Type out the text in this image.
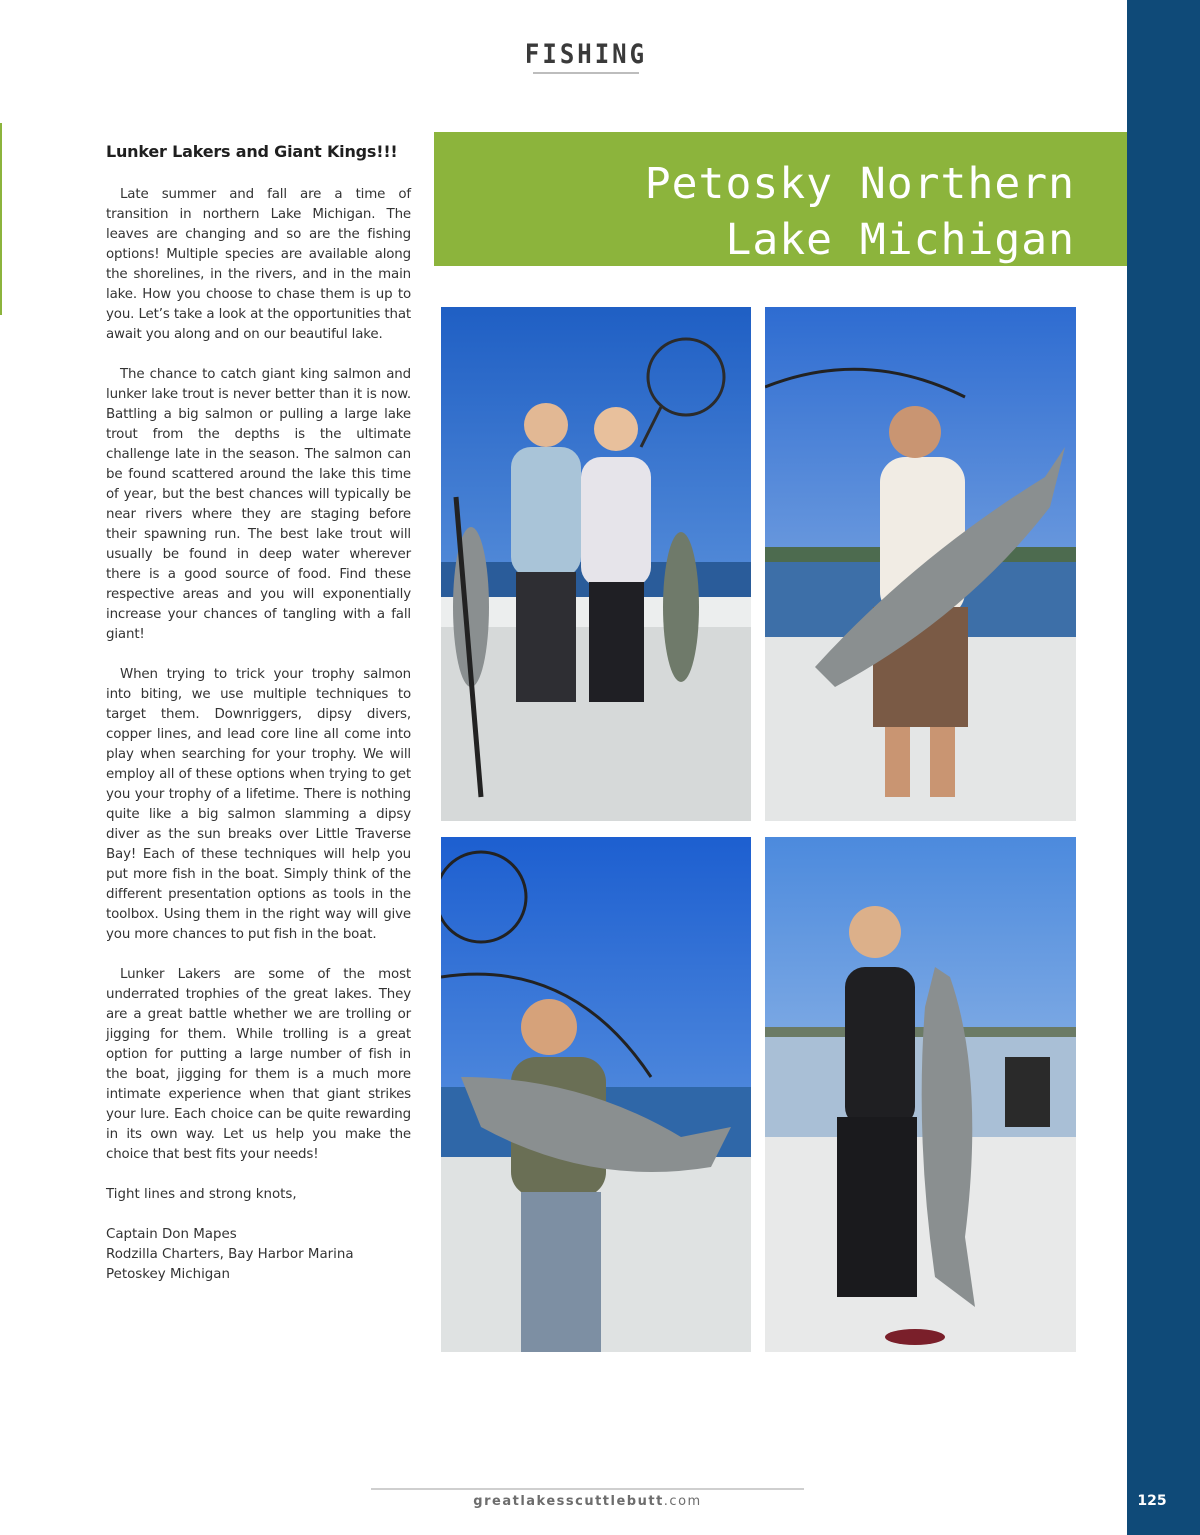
FISHING
Petosky Northern
Lake Michigan
Lunker Lakers and Giant Kings!!!

Late summer and fall are a time of transition in northern Lake Michigan. The leaves are changing and so are the fishing options! Multiple species are available along the shorelines, in the rivers, and in the main lake. How you choose to chase them is up to you. Let’s take a look at the opportunities that await you along and on our beautiful lake.

The chance to catch giant king salmon and lunker lake trout is never better than it is now. Battling a big salmon or pulling a large lake trout from the depths is the ultimate challenge late in the season. The salmon can be found scattered around the lake this time of year, but the best chances will typically be near rivers where they are staging before their spawning run. The best lake trout will usually be found in deep water wherever there is a good source of food. Find these respective areas and you will exponentially increase your chances of tangling with a fall giant!

When trying to trick your trophy salmon into biting, we use multiple techniques to target them. Downriggers, dipsy divers, copper lines, and lead core line all come into play when searching for your trophy. We will employ all of these options when trying to get you your trophy of a lifetime. There is nothing quite like a big salmon slamming a dipsy diver as the sun breaks over Little Traverse Bay! Each of these techniques will help you put more fish in the boat. Simply think of the different presentation options as tools in the toolbox. Using them in the right way will give you more chances to put fish in the boat.

Lunker Lakers are some of the most underrated trophies of the great lakes. They are a great battle whether we are trolling or jigging for them. While trolling is a great option for putting a large number of fish in the boat, jigging for them is a much more intimate experience when that giant strikes your lure. Each choice can be quite rewarding in its own way. Let us help you make the choice that best fits your needs!

Tight lines and strong knots,

Captain Don Mapes
Rodzilla Charters, Bay Harbor Marina
Petoskey Michigan

greatlakesscuttlebutt.com	125
